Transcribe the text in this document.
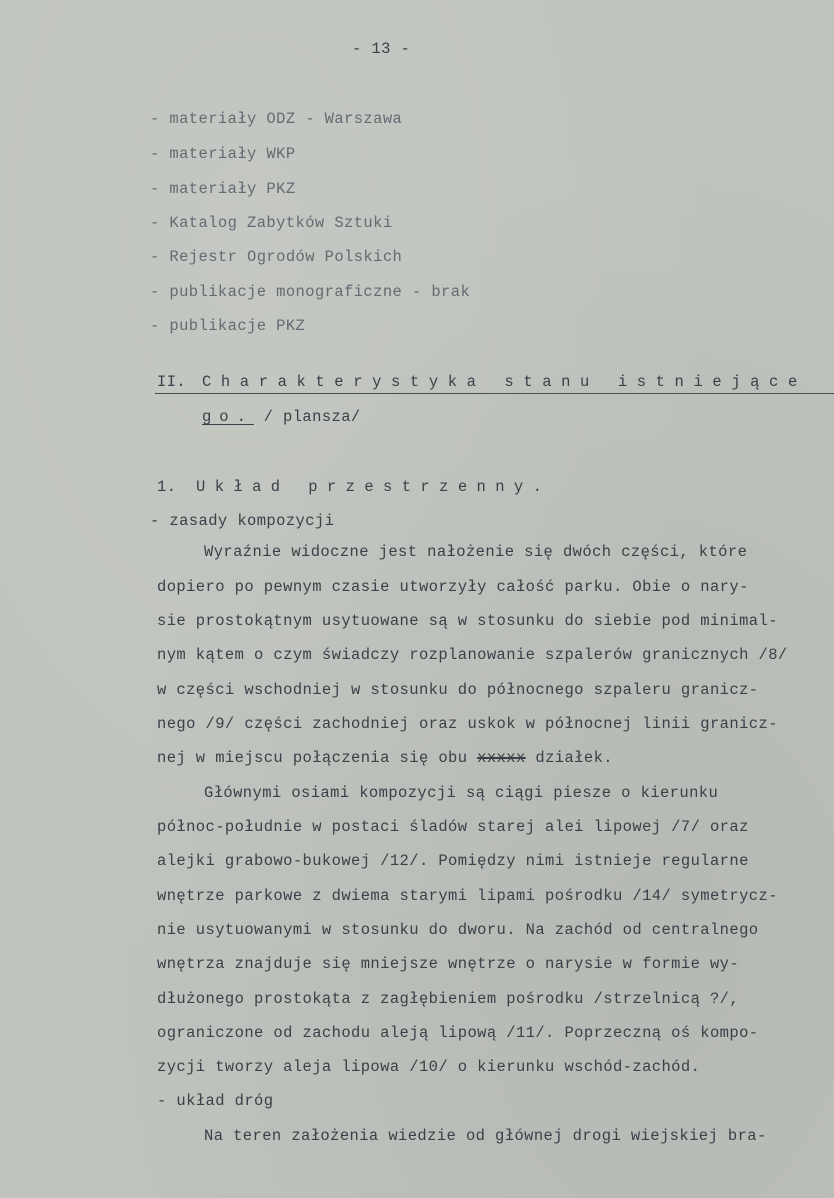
- 13 -
- materiały ODZ - Warszawa
- materiały WKP
- materiały PKZ
- Katalog Zabytków Sztuki
- Rejestr Ogrodów Polskich
- publikacje monograficzne - brak
- publikacje PKZ
II. Charakterystyka stanu istniejące
go. / plansza/
1. Układ przestrzenny.
- zasady kompozycji
Wyraźnie widoczne jest nałożenie się dwóch części, które
dopiero po pewnym czasie utworzyły całość parku. Obie o nary-
sie prostokątnym usytuowane są w stosunku do siebie pod minimal-
nym kątem o czym świadczy rozplanowanie szpalerów granicznych /8/
w części wschodniej w stosunku do północnego szpaleru granicz-
nego /9/ części zachodniej oraz uskok w północnej linii granicz-
nej w miejscu połączenia się obu xxxxx działek.
Głównymi osiami kompozycji są ciągi piesze o kierunku
północ-południe w postaci śladów starej alei lipowej /7/ oraz
alejki grabowo-bukowej /12/. Pomiędzy nimi istnieje regularne
wnętrze parkowe z dwiema starymi lipami pośrodku /14/ symetrycz-
nie usytuowanymi w stosunku do dworu. Na zachód od centralnego
wnętrza znajduje się mniejsze wnętrze o narysie w formie wy-
dłużonego prostokąta z zagłębieniem pośrodku /strzelnicą ?/,
ograniczone od zachodu aleją lipową /11/. Poprzeczną oś kompo-
zycji tworzy aleja lipowa /10/ o kierunku wschód-zachód.
- układ dróg
Na teren założenia wiedzie od głównej drogi wiejskiej bra-
